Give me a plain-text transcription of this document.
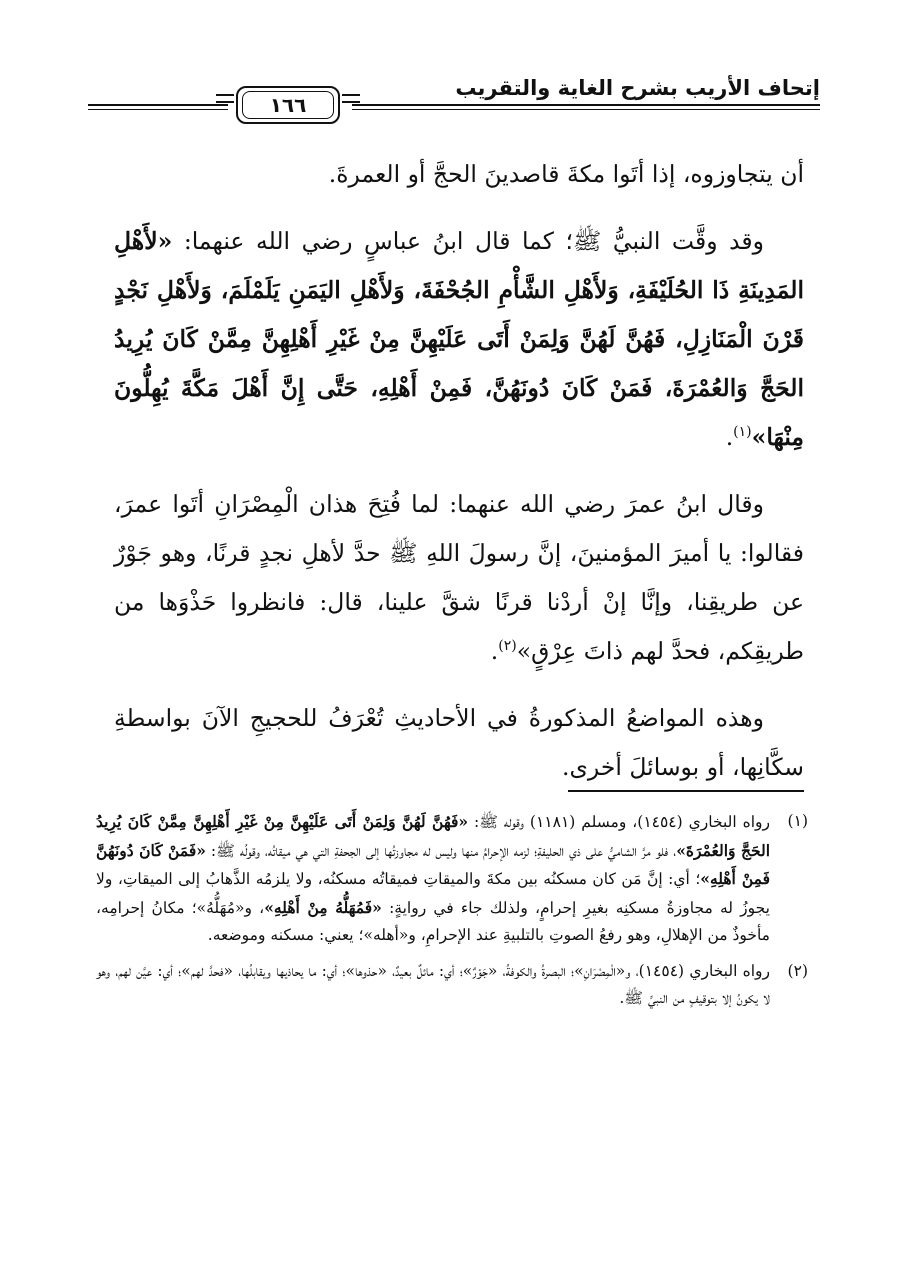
إتحاف الأريب بشرح الغاية والتقريب
١٦٦

أن يتجاوزوه، إذا أتَوا مكةَ قاصدينَ الحجَّ أو العمرةَ.

وقد وقَّت النبيُّ ﷺ؛ كما قال ابنُ عباسٍ رضي الله عنهما: «لأَهْلِ المَدِينَةِ ذَا الحُلَيْفَةِ، وَلأَهْلِ الشَّأْمِ الجُحْفَةَ، وَلأَهْلِ اليَمَنِ يَلَمْلَمَ، وَلأَهْلِ نَجْدٍ قَرْنَ الْمَنَازِلِ، فَهُنَّ لَهُنَّ وَلِمَنْ أَتَى عَلَيْهِنَّ مِنْ غَيْرِ أَهْلِهِنَّ مِمَّنْ كَانَ يُرِيدُ الحَجَّ وَالعُمْرَةَ، فَمَنْ كَانَ دُونَهُنَّ، فَمِنْ أَهْلِهِ، حَتَّى إِنَّ أَهْلَ مَكَّةَ يُهِلُّونَ مِنْهَا»$^{(١)}$.

وقال ابنُ عمرَ رضي الله عنهما: لما فُتِحَ هذان الْمِصْرَانِ أتَوا عمرَ، فقالوا: يا أميرَ المؤمنينَ، إنَّ رسولَ اللهِ ﷺ حدَّ لأهلِ نجدٍ قرنًا، وهو جَوْرٌ عن طريقِنا، وإنَّا إنْ أردْنا قرنًا شقَّ علينا، قال: فانظروا حَذْوَها من طريقِكم، فحدَّ لهم ذاتَ عِرْقٍ»$^{(٢)}$.

وهذه المواضعُ المذكورةُ في الأحاديثِ تُعْرَفُ للحجيجِ الآنَ بواسطةِ سكَّانِها، أو بوسائلَ أخرى.

(١)
رواه البخاري (١٤٥٤)، ومسلم (١١٨١) وقوله ﷺ: «فَهُنَّ لَهُنَّ وَلِمَنْ أَتَى عَلَيْهِنَّ مِنْ غَيْرِ أَهْلِهِنَّ مِمَّنْ كَانَ يُرِيدُ الحَجَّ وَالعُمْرَةَ»، فلو مرَّ الشاميُّ على ذي الحليفةِ؛ لزمه الإحرامُ منها وليس له مجاوزتُها إلى الجحفةِ التي هي ميقاتُه، وقولُه ﷺ: «فَمَنْ كَانَ دُونَهُنَّ فَمِنْ أَهْلِهِ»؛ أي: إنَّ مَن كان مسكنُه بين مكةَ والميقاتِ فميقاتُه مسكنُه، ولا يلزمُه الذَّهابُ إلى الميقاتِ، ولا يجوزُ له مجاوزةُ مسكنِه بغيرِ إحرامٍ، ولذلك جاء في روايةٍ: «فَمُهَلُّهُ مِنْ أَهْلِهِ»، و«مُهَلُّهُ»؛ مكانُ إحرامِه، مأخوذٌ من الإهلالِ، وهو رفعُ الصوتِ بالتلبيةِ عند الإحرامِ، و«أهله»؛ يعني: مسكنه وموضعه.
(٢)
رواه البخاري (١٤٥٤)، و«الْمِصْرَانِ»؛ البصرةُ والكوفةُ، «جَوْرٌ»؛ أي: مائلٌ بعيدٌ، «حذوها»؛ أي: ما يحاذيها ويقابلُها، «فحدَّ لهم»؛ أي: عيَّن لهم، وهو لا يكونُ إلا بتوقيفٍ من النبيِّ ﷺ.
